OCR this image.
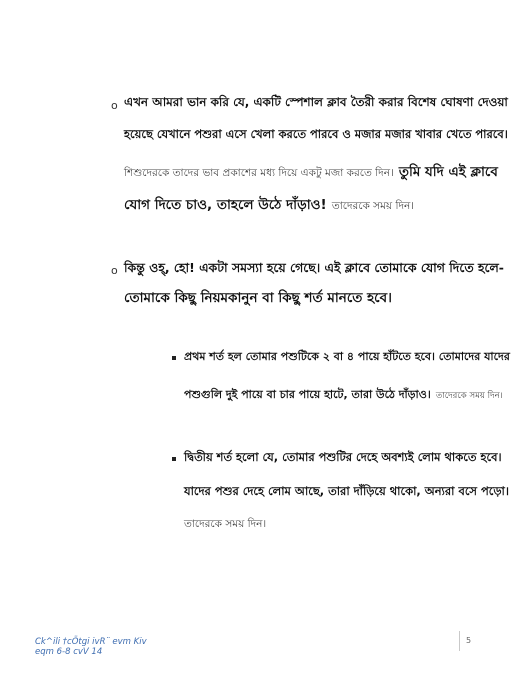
o এখন আমরা ভান করি যে, একটি স্পেশাল ক্লাব তৈরী করার বিশেষ ঘোষণা দেওয়া
হয়েছে যেখানে পশুরা এসে খেলা করতে পারবে ও মজার মজার খাবার খেতে পারবে।
শিশুদেরকে তাদের ভাব প্রকাশের মধ্য দিয়ে একটু মজা করতে দিন। তুমি যদি এই ক্লাবে
যোগ দিতে চাও, তাহলে উঠে দাঁড়াও! তাদেরকে সময় দিন।
o কিন্তু ওহ্, হো! একটা সমস্যা হয়ে গেছে। এই ক্লাবে তোমাকে যোগ দিতে হলে-
তোমাকে কিছু নিয়মকানুন বা কিছু শর্ত মানতে হবে।
প্রথম শর্ত হল তোমার পশুটিকে ২ বা ৪ পায়ে হাঁটতে হবে। তোমাদের যাদের
পশুগুলি দুই পায়ে বা চার পায়ে হাটে, তারা উঠে দাঁড়াও। তাদেরকে সময় দিন।
দ্বিতীয় শর্ত হলো যে, তোমার পশুটির দেহে অবশ্যই লোম থাকতে হবে।
যাদের পশুর দেহে লোম আছে, তারা দাঁড়িয়ে থাকো, অন্যরা বসে পড়ো।
তাদেরকে সময় দিন।
Ck^ili †cÖtgi ivR¨ evm Kiv
eqm 6-8 cvV 14
5
